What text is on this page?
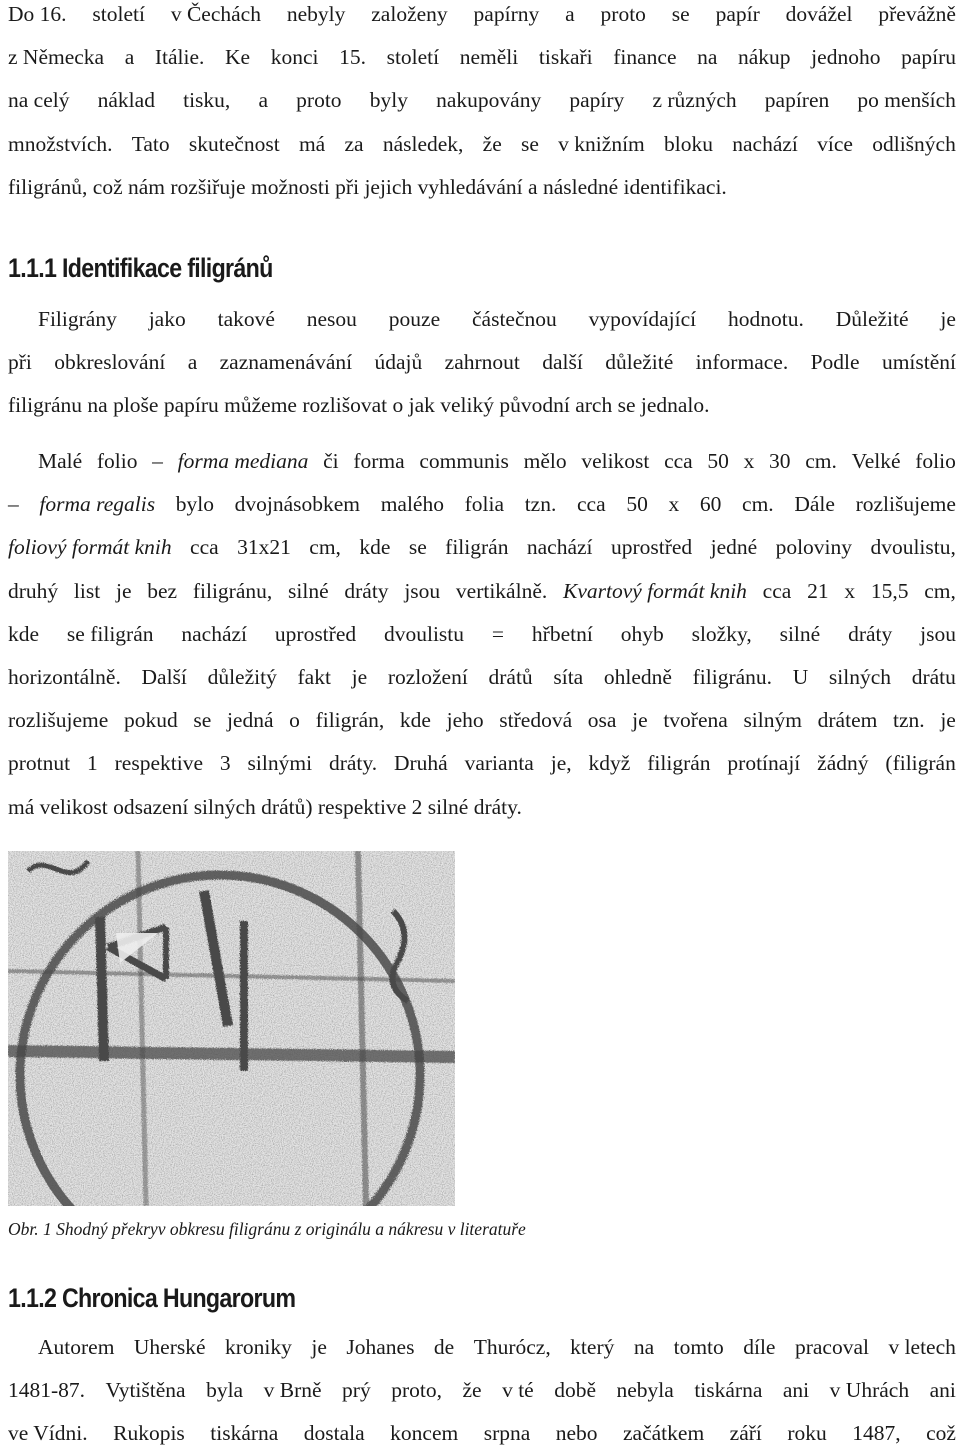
Do 16. století v Čechách nebyly založeny papírny a proto se papír dovážel převážně
z Německa a Itálie. Ke konci 15. století neměli tiskaři finance na nákup jednoho papíru
na celý náklad tisku, a proto byly nakupovány papíry z různých papíren po menších
množstvích. Tato skutečnost má za následek, že se v knižním bloku nachází více odlišných
filigránů, což nám rozšiřuje možnosti při jejich vyhledávání a následné identifikaci.
1.1.1 Identifikace filigránů
Filigrány jako takové nesou pouze částečnou vypovídající hodnotu. Důležité je
při obkreslování a zaznamenávání údajů zahrnout další důležité informace. Podle umístění
filigránu na ploše papíru můžeme rozlišovat o jak veliký původní arch se jednalo.
Malé folio – forma mediana či forma communis mělo velikost cca 50 x 30 cm. Velké folio
– forma regalis bylo dvojnásobkem malého folia tzn. cca 50 x 60 cm. Dále rozlišujeme
foliový formát knih cca 31x21 cm, kde se filigrán nachází uprostřed jedné poloviny dvoulistu,
druhý list je bez filigránu, silné dráty jsou vertikálně. Kvartový formát knih cca 21 x 15,5 cm,
kde se filigrán nachází uprostřed dvoulistu = hřbetní ohyb složky, silné dráty jsou
horizontálně. Další důležitý fakt je rozložení drátů síta ohledně filigránu. U silných drátu
rozlišujeme pokud se jedná o filigrán, kde jeho středová osa je tvořena silným drátem tzn. je
protnut 1 respektive 3 silnými dráty. Druhá varianta je, když filigrán protínají žádný (filigrán
má velikost odsazení silných drátů) respektive 2 silné dráty.
Obr. 1 Shodný překryv obkresu filigránu z originálu a nákresu v literatuře
1.1.2 Chronica Hungarorum
Autorem Uherské kroniky je Johanes de Thurócz, který na tomto díle pracoval v letech
1481-87. Vytištěna byla v Brně prý proto, že v té době nebyla tiskárna ani v Uhrách ani
ve Vídni. Rukopis tiskárna dostala koncem srpna nebo začátkem září roku 1487, což
